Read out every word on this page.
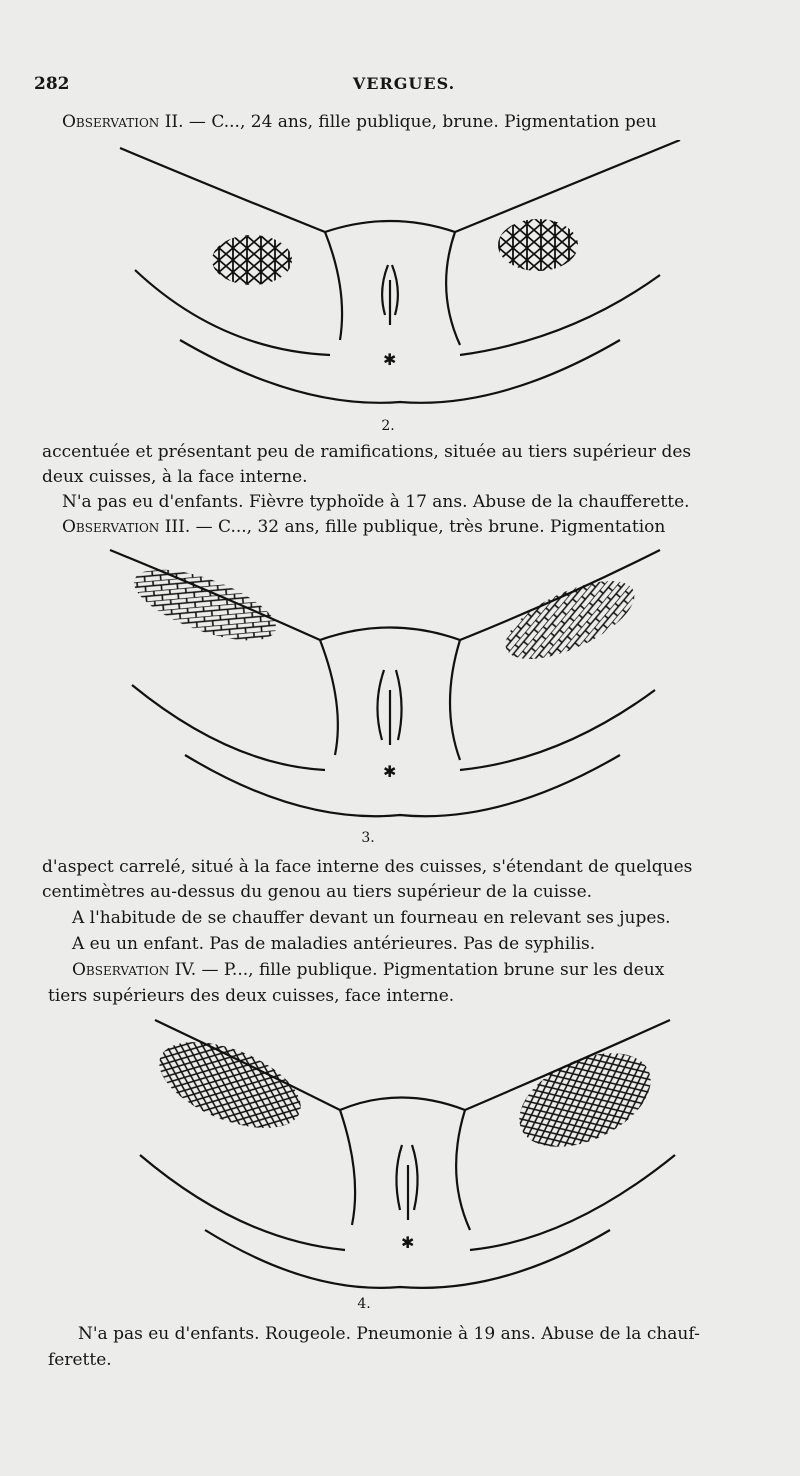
282	VERGUES.
Observation II. — C..., 24 ans, fille publique, brune. Pigmentation peu
✱
2.
accentuée et présentant peu de ramifications, située au tiers supérieur des
deux cuisses, à la face interne.
N'a pas eu d'enfants. Fièvre typhoïde à 17 ans. Abuse de la chaufferette.
Observation III. — C..., 32 ans, fille publique, très brune. Pigmentation
✱
3.
d'aspect carrelé, situé à la face interne des cuisses, s'étendant de quelques
centimètres au-dessus du genou au tiers supérieur de la cuisse.
A l'habitude de se chauffer devant un fourneau en relevant ses jupes.
A eu un enfant. Pas de maladies antérieures. Pas de syphilis.
Observation IV. — P..., fille publique. Pigmentation brune sur les deux
tiers supérieurs des deux cuisses, face interne.
✱
4.
N'a pas eu d'enfants. Rougeole. Pneumonie à 19 ans. Abuse de la chauf-
ferette.
